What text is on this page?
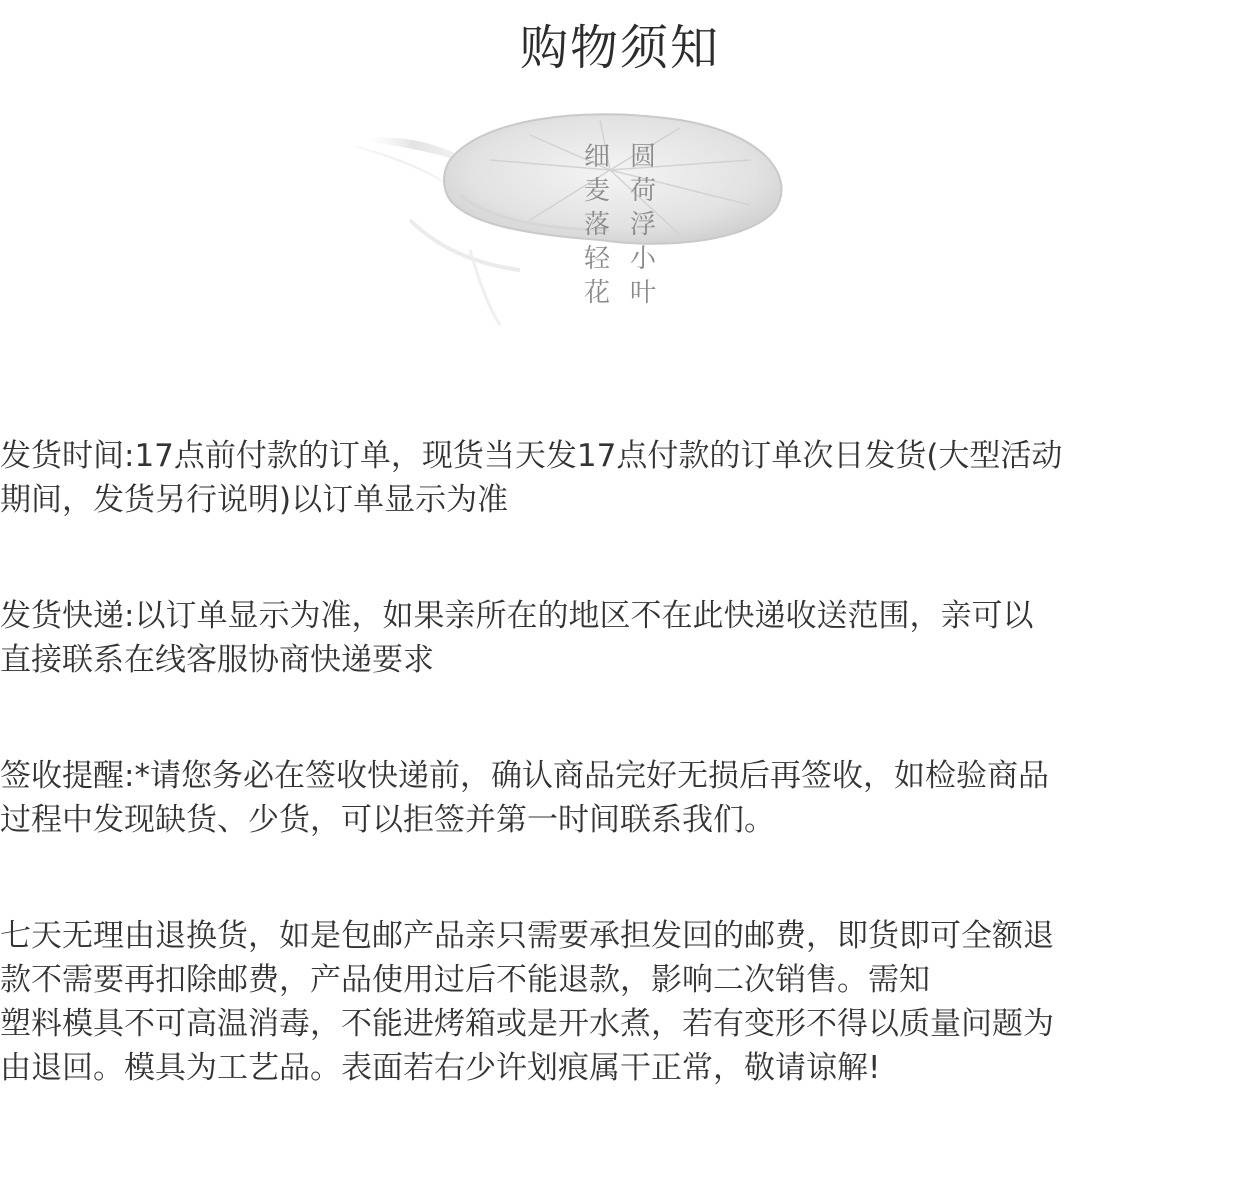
购物须知
圆荷浮小叶
细麦落轻花
发货时间:17点前付款的订单，现货当天发17点付款的订单次日发货(大型活动
期间，发货另行说明)以订单显示为准
发货快递:以订单显示为准，如果亲所在的地区不在此快递收送范围，亲可以
直接联系在线客服协商快递要求
签收提醒:*请您务必在签收快递前，确认商品完好无损后再签收，如检验商品
过程中发现缺货、少货，可以拒签并第一时间联系我们。
七天无理由退换货，如是包邮产品亲只需要承担发回的邮费，即货即可全额退
款不需要再扣除邮费，产品使用过后不能退款，影响二次销售。需知
塑料模具不可高温消毒，不能进烤箱或是开水煮，若有变形不得以质量问题为
由退回。模具为工艺品。表面若右少许划痕属干正常，敬请谅解!
